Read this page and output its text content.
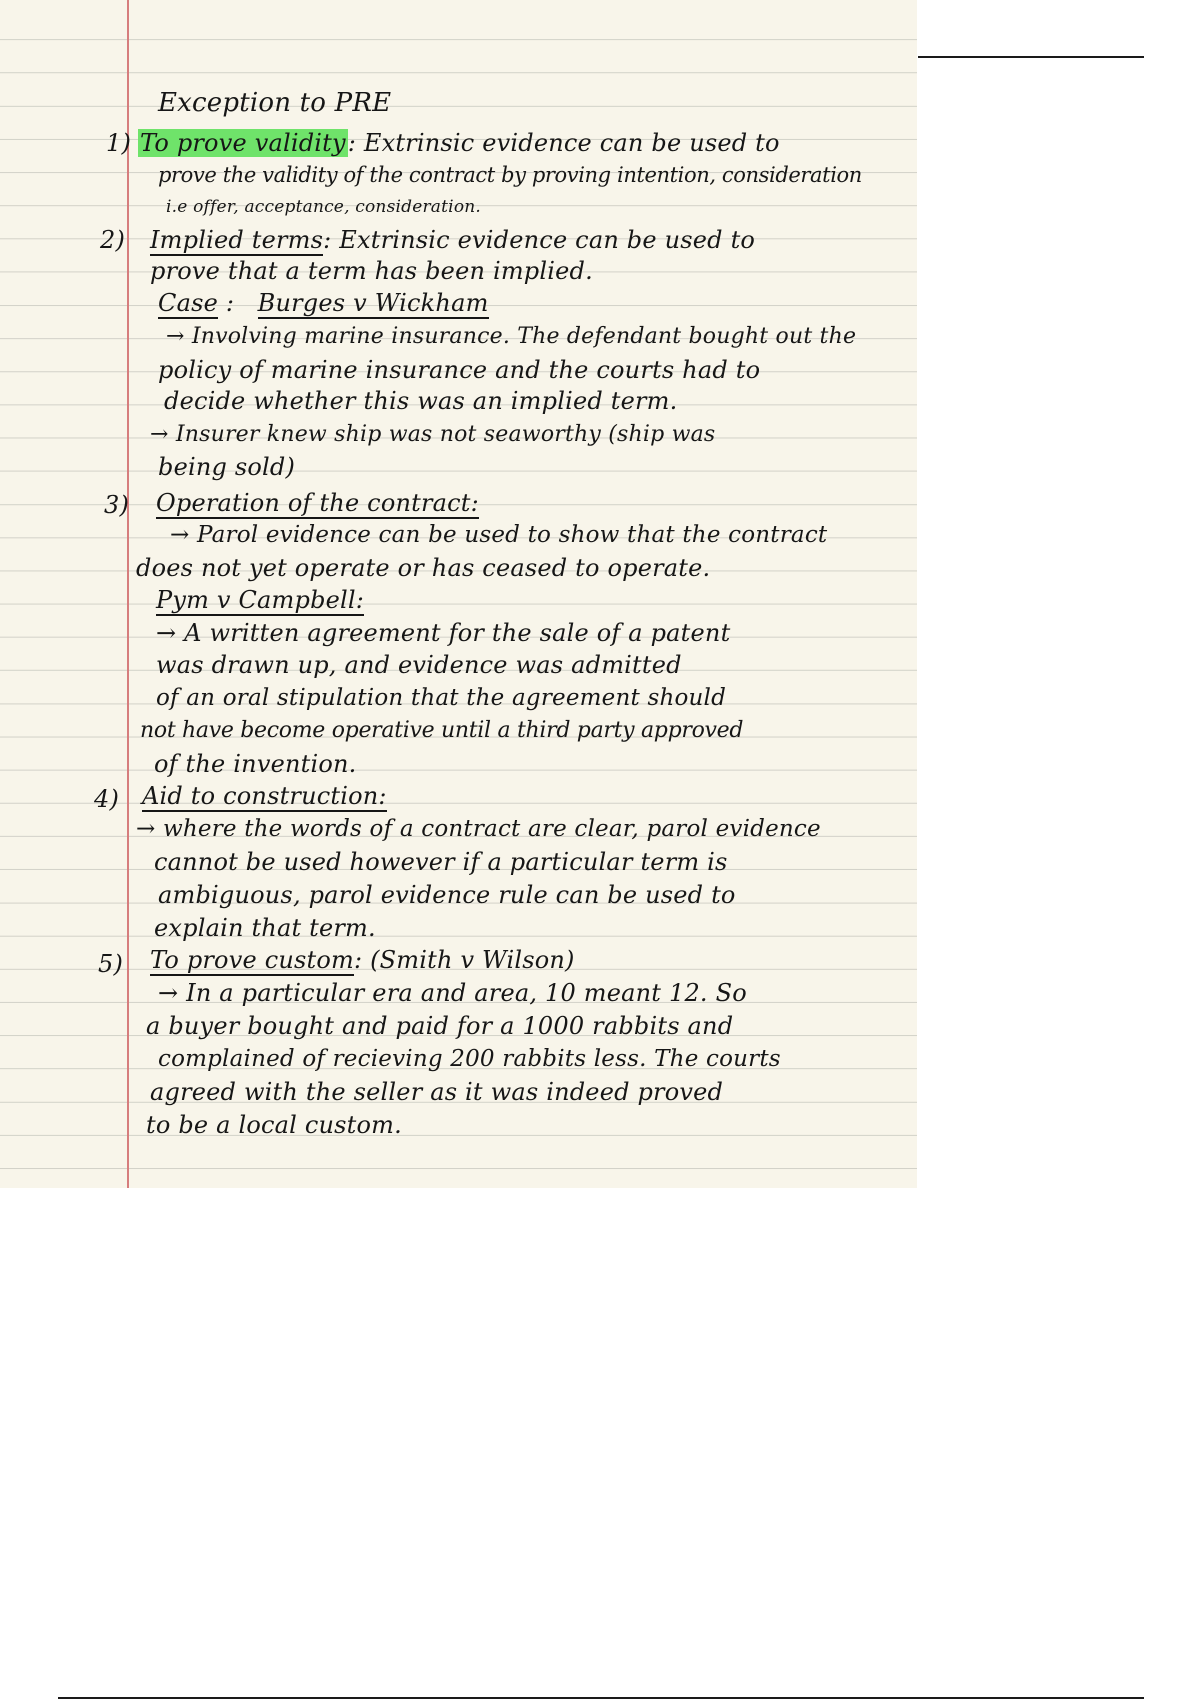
Exception to PRE

1) To prove validity: Extrinsic evidence can be used to

prove the validity of the contract by proving intention, consideration

i.e offer, acceptance, consideration.

2) Implied terms: Extrinsic evidence can be used to

prove that a term has been implied.

Case : Burges v Wickham

→ Involving marine insurance. The defendant bought out the

policy of marine insurance and the courts had to

decide whether this was an implied term.

→ Insurer knew ship was not seaworthy (ship was

being sold)

3) Operation of the contract:

→ Parol evidence can be used to show that the contract

does not yet operate or has ceased to operate.

Pym v Campbell:

→ A written agreement for the sale of a patent

was drawn up, and evidence was admitted

of an oral stipulation that the agreement should

not have become operative until a third party approved

of the invention.

4) Aid to construction:

→ where the words of a contract are clear, parol evidence

cannot be used however if a particular term is

ambiguous, parol evidence rule can be used to

explain that term.

5) To prove custom: (Smith v Wilson)

→ In a particular era and area, 10 meant 12. So

a buyer bought and paid for a 1000 rabbits and

complained of recieving 200 rabbits less. The courts

agreed with the seller as it was indeed proved

to be a local custom.
